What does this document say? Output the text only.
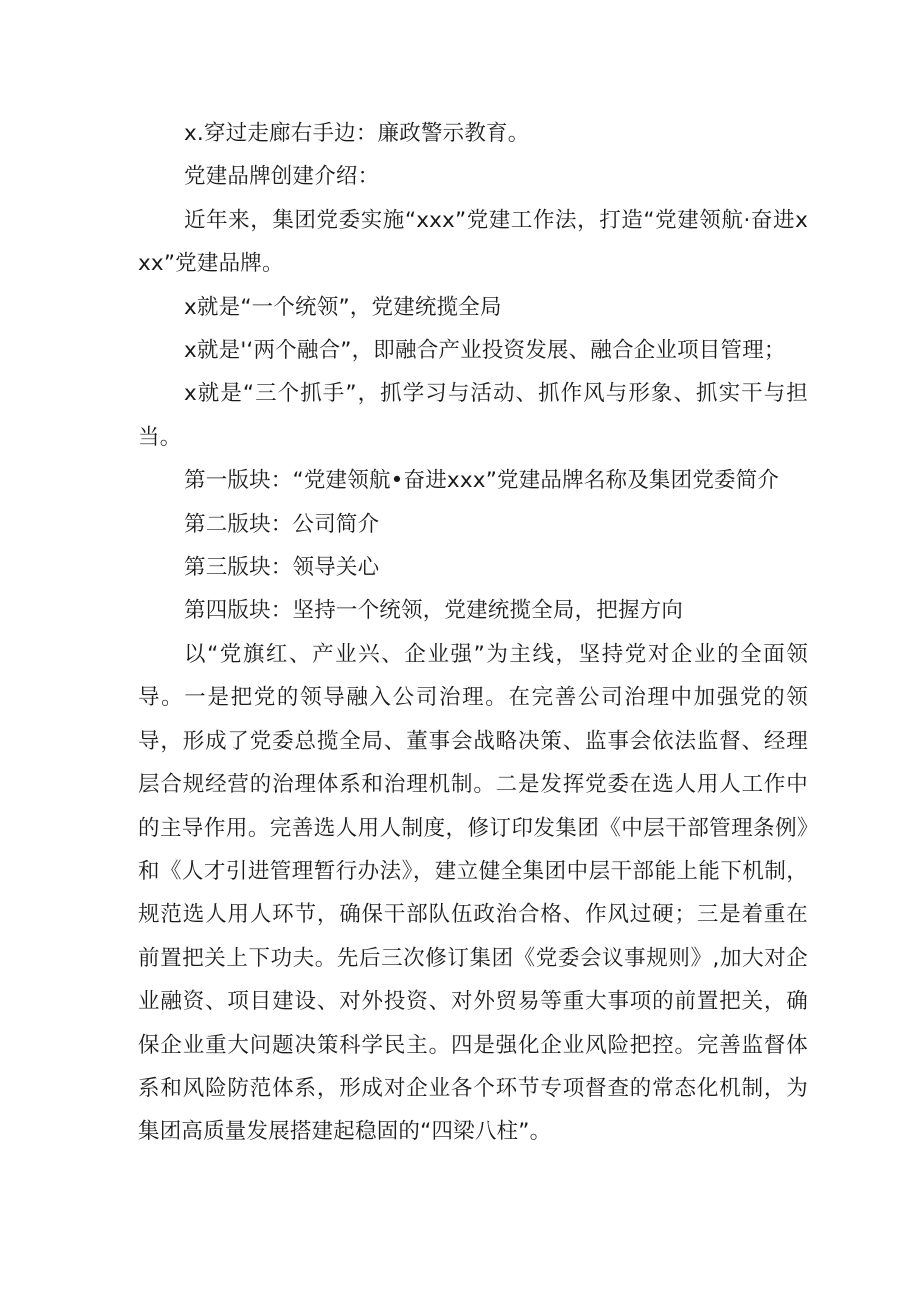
x.穿过走廊右手边：廉政警示教育。

党建品牌创建介绍：

近年来，集团党委实施“xxx”党建工作法，打造“党建领航·奋进xxx”党建品牌。

x就是“一个统领”，党建统揽全局

x就是'‘两个融合”，即融合产业投资发展、融合企业项目管理；

x就是“三个抓手”，抓学习与活动、抓作风与形象、抓实干与担当。

第一版块：“党建领航•奋进xxx”党建品牌名称及集团党委简介

第二版块：公司简介

第三版块：领导关心

第四版块：坚持一个统领，党建统揽全局，把握方向

以“党旗红、产业兴、企业强”为主线，坚持党对企业的全面领导。一是把党的领导融入公司治理。在完善公司治理中加强党的领导，形成了党委总揽全局、董事会战略决策、监事会依法监督、经理层合规经营的治理体系和治理机制。二是发挥党委在选人用人工作中的主导作用。完善选人用人制度，修订印发集团《中层干部管理条例》和《人才引进管理暂行办法》，建立健全集团中层干部能上能下机制，规范选人用人环节，确保干部队伍政治合格、作风过硬；三是着重在前置把关上下功夫。先后三次修订集团《党委会议事规则》,加大对企业融资、项目建设、对外投资、对外贸易等重大事项的前置把关，确保企业重大问题决策科学民主。四是强化企业风险把控。完善监督体系和风险防范体系，形成对企业各个环节专项督查的常态化机制，为集团高质量发展搭建起稳固的“四梁八柱”。
